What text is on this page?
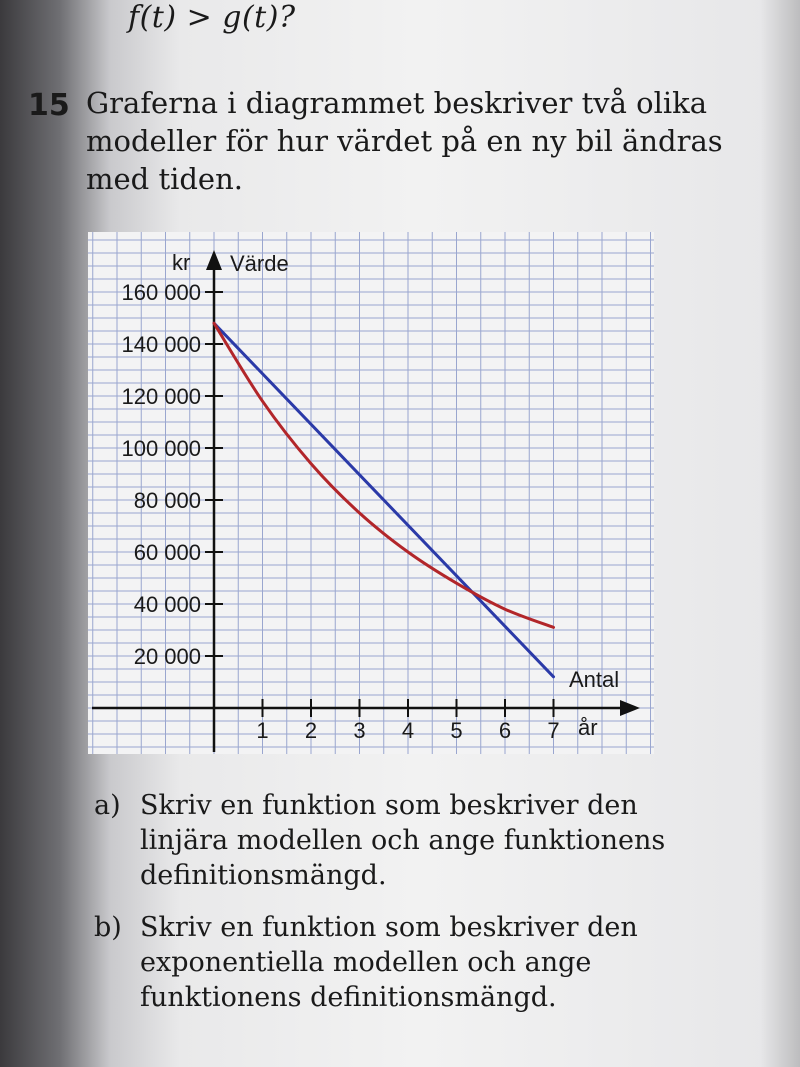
f(t) > g(t)?
15 Graferna i diagrammet beskriver två olika modeller för hur värdet på en ny bil ändras med tiden.
1 2 3 4 5 6 7
20 000
40 000
60 000
80 000
100 000
120 000
140 000
160 000
kr Värde
Antal
år
a) Skriv en funktion som beskriver den linjära modellen och ange funktionens definitionsmängd.
b) Skriv en funktion som beskriver den exponentiella modellen och ange funktionens definitionsmängd.
